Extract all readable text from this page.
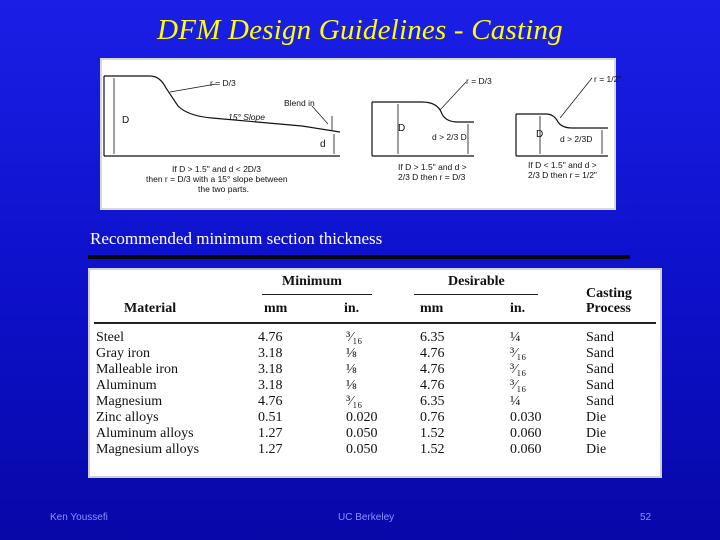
DFM Design Guidelines - Casting
r = D/3
Blend in
15° Slope
D
d
If D > 1.5" and d < 2D/3
then r = D/3 with a 15° slope between
the two parts.
r = D/3
D
d > 2/3 D
If D > 1.5" and d >
2/3 D then r = D/3
r = 1/2"
D d > 2/3D
If D < 1.5" and d >
2/3 D then r = 1/2"
Recommended minimum section thickness
Minimum	Desirable
Casting
Process
Material	mm	in.	mm	in.
Steel	4.76	³⁄₁₆	6.35	¼	Sand
Gray iron	3.18	⅛	4.76	³⁄₁₆	Sand
Malleable iron	3.18	⅛	4.76	³⁄₁₆	Sand
Aluminum	3.18	⅛	4.76	³⁄₁₆	Sand
Magnesium	4.76	³⁄₁₆	6.35	¼	Sand
Zinc alloys	0.51	0.020	0.76	0.030	Die
Aluminum alloys	1.27	0.050	1.52	0.060	Die
Magnesium alloys	1.27	0.050	1.52	0.060	Die
Ken Youssefi	UC Berkeley	52
